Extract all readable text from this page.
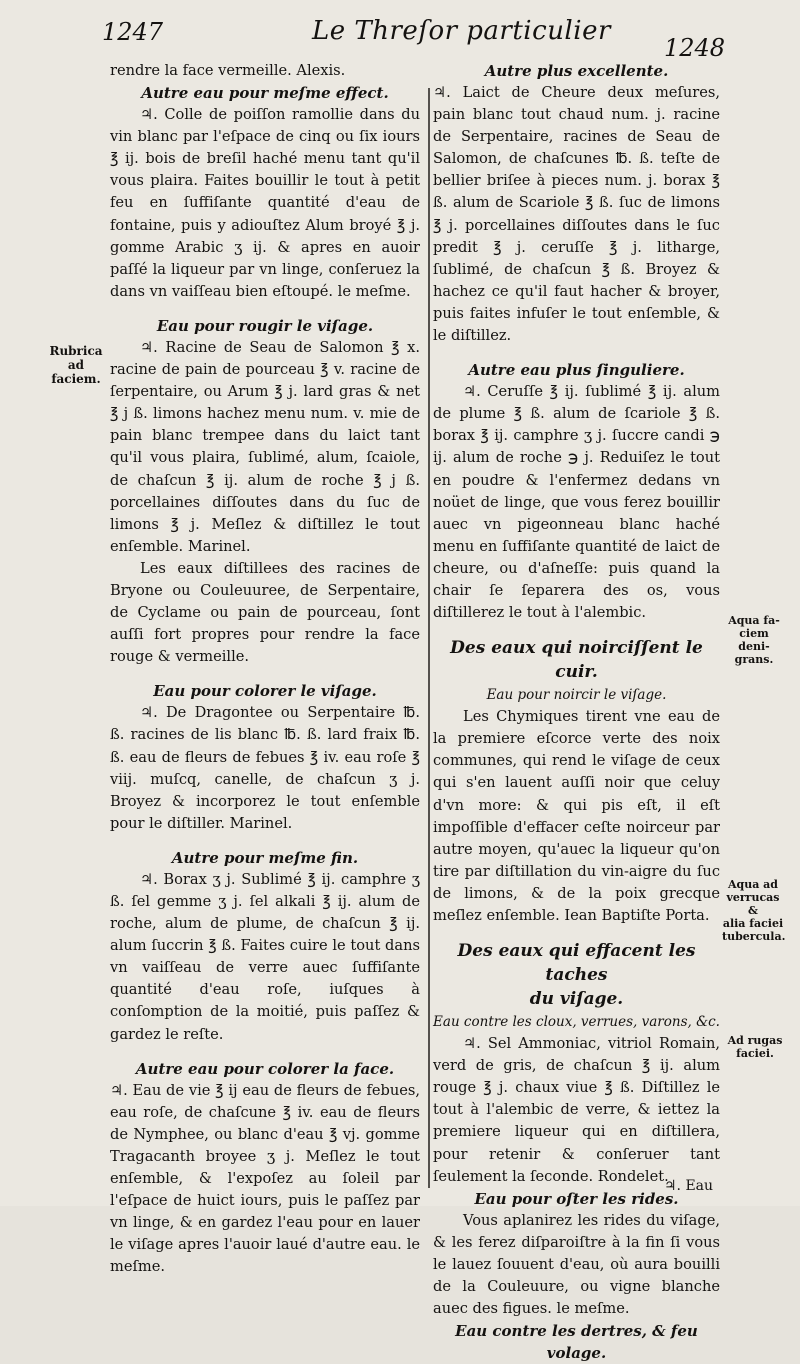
1247	Le Threſor particulier
1248

rendre la face vermeille. Alexis.

Autre eau pour meſme effect.

♃. Colle de poiſſon ramollie dans du vin blanc par l'eſpace de cinq ou ſix iours ℥ ij. bois de breſil haché menu tant qu'il vous plaira. Faites bouillir le tout à petit feu en ſuffiſante quantité d'eau de fontaine, puis y adiouſtez Alum broyé ℥ j. gomme Arabic ʒ ij. & apres en auoir paſſé la liqueur par vn linge, conſeruez la dans vn vaiſſeau bien eſtoupé. le meſme.

Eau pour rougir le viſage.

♃. Racine de Seau de Salomon ℥ x. racine de pain de pourceau ℥ v. racine de ſerpentaire, ou Arum ℥ j. lard gras & net ℥ j ß. limons hachez menu num. v. mie de pain blanc trempee dans du laict tant qu'il vous plaira, ſublimé, alum, ſcaiole, de chaſcun ℥ ij. alum de roche ℥ j ß. porcellaines diſſoutes dans du ſuc de limons ℥ j. Meſlez & diſtillez le tout enſemble. Marinel.

Les eaux diſtillees des racines de Bryone ou Couleuuree, de Serpentaire, de Cyclame ou pain de pourceau, ſont auſſi fort propres pour rendre la face rouge & vermeille.

Eau pour colorer le viſage.

♃. De Dragontee ou Serpentaire ℔. ß. racines de lis blanc ℔. ß. lard fraix ℔. ß. eau de fleurs de febues ℥ iv. eau roſe ℥ viij. muſcq, canelle, de chaſcun ʒ j. Broyez & incorporez le tout enſemble pour le diſtiller. Marinel.

Autre pour meſme fin.

♃. Borax ʒ j. Sublimé ℥ ij. camphre ʒ ß. ſel gemme ʒ j. ſel alkali ℥ ij. alum de roche, alum de plume, de chaſcun ℥ ij. alum ſuccrin ℥ ß. Faites cuire le tout dans vn vaiſſeau de verre auec ſuffiſante quantité d'eau roſe, iuſques à conſomption de la moitié, puis paſſez & gardez le reſte.

Autre eau pour colorer la face.

♃. Eau de vie ℥ ij eau de fleurs de febues, eau roſe, de chaſcune ℥ iv. eau de fleurs de Nymphee, ou blanc d'eau ℥ vj. gomme Tragacanth broyee ʒ j. Meſlez le tout enſemble, & l'expoſez au ſoleil par l'eſpace de huict iours, puis le paſſez par vn linge, & en gardez l'eau pour en lauer le viſage apres l'auoir laué d'autre eau. le meſme.

Autre plus excellente.

♃. Laict de Cheure deux meſures, pain blanc tout chaud num. j. racine de Serpentaire, racines de Seau de Salomon, de chaſcunes ℔. ß. teſte de bellier briſee à pieces num. j. borax ℥ ß. alum de Scariole ℥ ß. ſuc de limons ℥ j. porcellaines diſſoutes dans le ſuc predit ℥ j. ceruſſe ℥ j. litharge, ſublimé, de chaſcun ℥ ß. Broyez & hachez ce qu'il faut hacher & broyer, puis faites infuſer le tout enſemble, & le diſtillez.

Autre eau plus ſinguliere.

♃. Ceruſſe ℥ ij. ſublimé ℥ ij. alum de plume ℥ ß. alum de ſcariole ℥ ß. borax ℥ ij. camphre ʒ j. ſuccre candi ℈ ij. alum de roche ℈ j. Reduiſez le tout en poudre & l'enfermez dedans vn noüet de linge, que vous ferez bouillir auec vn pigeonneau blanc haché menu en ſuffiſante quantité de laict de cheure, ou d'aſneſſe: puis quand la chair ſe ſeparera des os, vous diſtillerez le tout à l'alembic.

Des eaux qui noirciſſent le cuir.
Eau pour noircir le viſage.

Les Chymiques tirent vne eau de la premiere eſcorce verte des noix communes, qui rend le viſage de ceux qui s'en lauent auſſi noir que celuy d'vn more: & qui pis eſt, il eſt impoſſible d'effacer ceſte noirceur par autre moyen, qu'auec la liqueur qu'on tire par diſtillation du vin-aigre du ſuc de limons, & de la poix grecque meſlez enſemble. Iean Baptiſte Porta.

Des eaux qui effacent les taches
du viſage.
Eau contre les cloux, verrues, varons, &c.

♃. Sel Ammoniac, vitriol Romain, verd de gris, de chaſcun ℥ ij. alum rouge ℥ j. chaux viue ℥ ß. Diſtillez le tout à l'alembic de verre, & iettez la premiere liqueur qui en diſtillera, pour retenir & conſeruer tant ſeulement la ſeconde. Rondelet.

Eau pour oſter les rides.

Vous aplanirez les rides du viſage, & les ferez diſparoiſtre à la fin ſi vous le lauez ſouuent d'eau, où aura bouilli de la Couleuure, ou vigne blanche auec des figues. le meſme.

Eau contre les dertres, & feu
volage.
Rubrica
ad faciem.
Aqua fa-
ciem deni-
grans.
Aqua ad
verrucas &
alia faciei
tubercula.
Ad rugas
faciei.
♃. Eau
